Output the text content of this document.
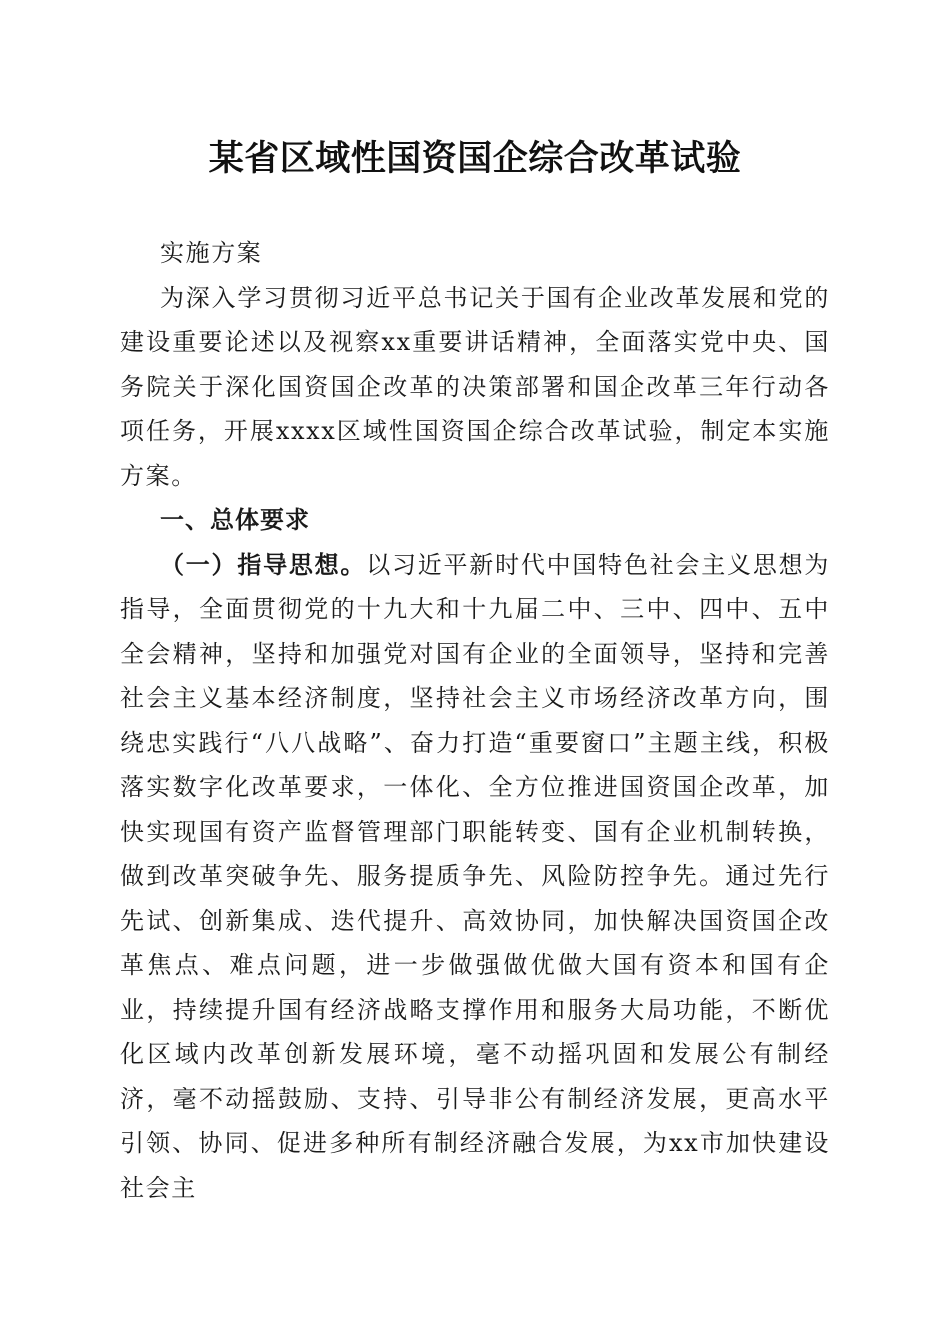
某省区域性国资国企综合改革试验

实施方案

为深入学习贯彻习近平总书记关于国有企业改革发展和党的建设重要论述以及视察xx重要讲话精神，全面落实党中央、国务院关于深化国资国企改革的决策部署和国企改革三年行动各项任务，开展xxxx区域性国资国企综合改革试验，制定本实施方案。

一、总体要求

（一）指导思想。以习近平新时代中国特色社会主义思想为指导，全面贯彻党的十九大和十九届二中、三中、四中、五中全会精神，坚持和加强党对国有企业的全面领导，坚持和完善社会主义基本经济制度，坚持社会主义市场经济改革方向，围绕忠实践行“八八战略”、奋力打造“重要窗口”主题主线，积极落实数字化改革要求，一体化、全方位推进国资国企改革，加快实现国有资产监督管理部门职能转变、国有企业机制转换，做到改革突破争先、服务提质争先、风险防控争先。通过先行先试、创新集成、迭代提升、高效协同，加快解决国资国企改革焦点、难点问题，进一步做强做优做大国有资本和国有企业，持续提升国有经济战略支撑作用和服务大局功能，不断优化区域内改革创新发展环境，毫不动摇巩固和发展公有制经济，毫不动摇鼓励、支持、引导非公有制经济发展，更高水平引领、协同、促进多种所有制经济融合发展，为xx市加快建设社会主
